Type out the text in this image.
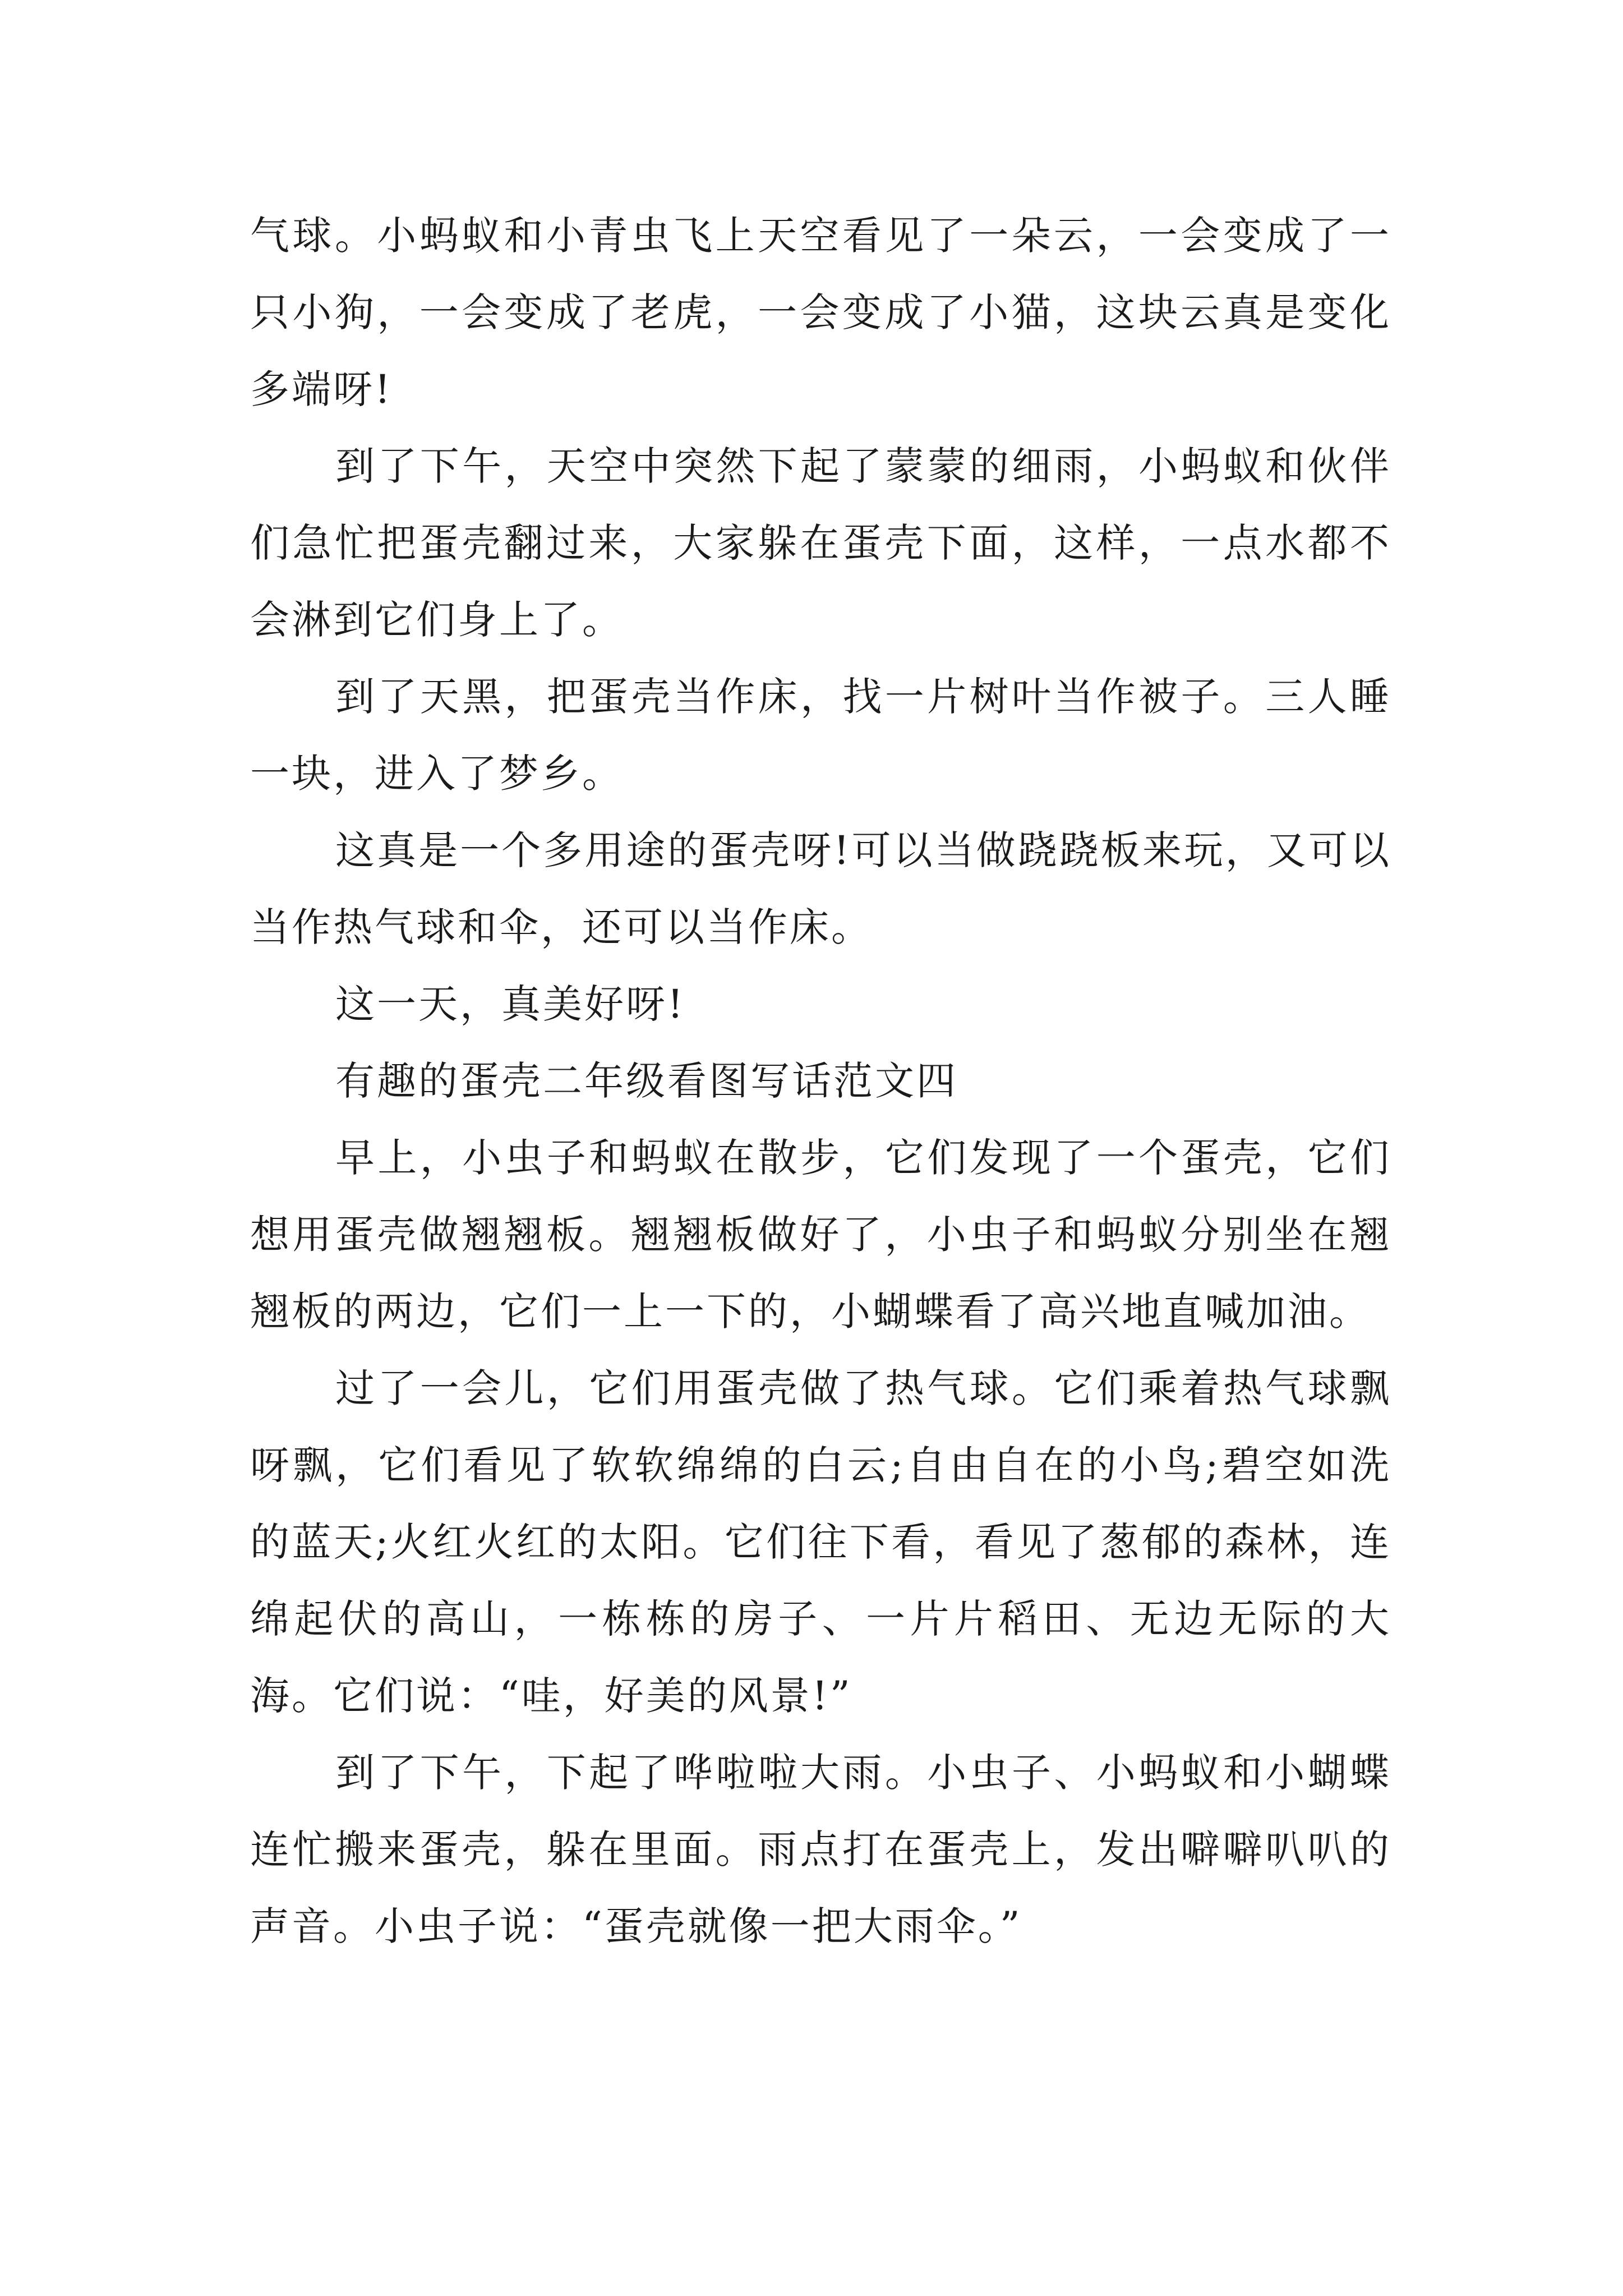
气球。小蚂蚁和小青虫飞上天空看见了一朵云，一会变成了一只小狗，一会变成了老虎，一会变成了小猫，这块云真是变化多端呀!

到了下午，天空中突然下起了蒙蒙的细雨，小蚂蚁和伙伴们急忙把蛋壳翻过来，大家躲在蛋壳下面，这样，一点水都不会淋到它们身上了。

到了天黑，把蛋壳当作床，找一片树叶当作被子。三人睡一块，进入了梦乡。

这真是一个多用途的蛋壳呀!可以当做跷跷板来玩，又可以当作热气球和伞，还可以当作床。

这一天，真美好呀!

有趣的蛋壳二年级看图写话范文四

早上，小虫子和蚂蚁在散步，它们发现了一个蛋壳，它们想用蛋壳做翘翘板。翘翘板做好了，小虫子和蚂蚁分别坐在翘翘板的两边，它们一上一下的，小蝴蝶看了高兴地直喊加油。

过了一会儿，它们用蛋壳做了热气球。它们乘着热气球飘呀飘，它们看见了软软绵绵的白云;自由自在的小鸟;碧空如洗的蓝天;火红火红的太阳。它们往下看，看见了葱郁的森林，连绵起伏的高山，一栋栋的房子、一片片稻田、无边无际的大海。它们说：“哇，好美的风景!”

到了下午，下起了哗啦啦大雨。小虫子、小蚂蚁和小蝴蝶连忙搬来蛋壳，躲在里面。雨点打在蛋壳上，发出噼噼叭叭的声音。小虫子说：“蛋壳就像一把大雨伞。”
